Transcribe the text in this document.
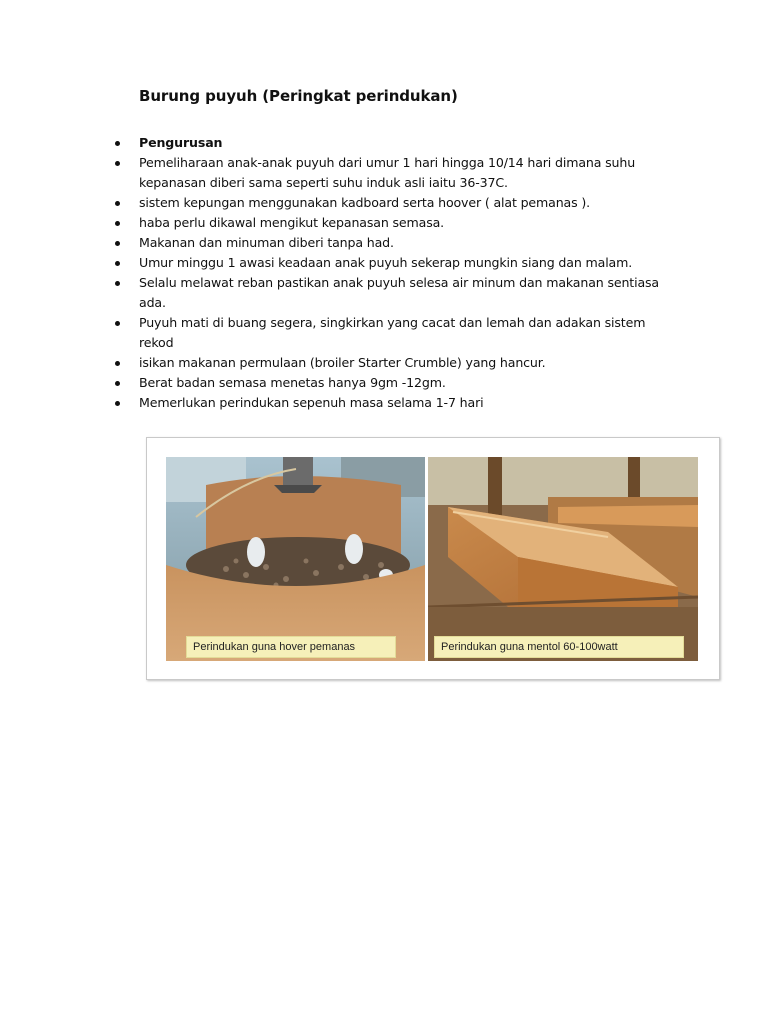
Burung puyuh (Peringkat perindukan)
Pengurusan
Pemeliharaan anak-anak puyuh dari umur 1 hari hingga 10/14 hari dimana suhu kepanasan diberi sama seperti suhu induk asli iaitu 36-37C.
sistem kepungan menggunakan kadboard serta hoover ( alat pemanas ).
haba perlu dikawal mengikut kepanasan semasa.
Makanan dan minuman diberi tanpa had.
Umur minggu 1 awasi keadaan anak puyuh sekerap mungkin siang dan malam.
Selalu melawat reban pastikan anak puyuh selesa air minum dan makanan sentiasa ada.
Puyuh mati di buang segera, singkirkan yang cacat dan lemah dan adakan sistem rekod
isikan makanan permulaan (broiler Starter Crumble) yang hancur.
Berat badan semasa menetas hanya 9gm -12gm.
Memerlukan perindukan sepenuh masa selama 1-7 hari
Perindukan guna hover pemanas	Perindukan guna mentol 60-100watt
